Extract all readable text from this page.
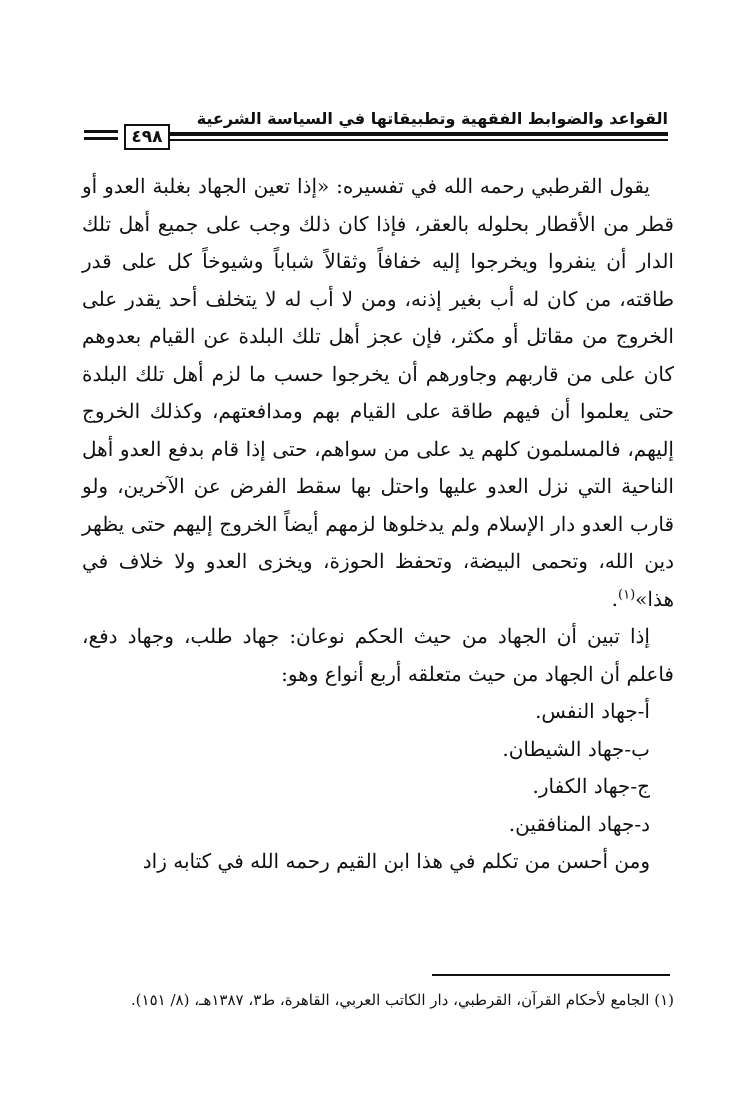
القواعد والضوابط الفقهية وتطبيقاتها في السياسة الشرعية
٤٩٨

يقول القرطبي رحمه الله في تفسيره: «إذا تعين الجهاد بغلبة العدو أو قطر من الأقطار بحلوله بالعقر، فإذا كان ذلك وجب على جميع أهل تلك الدار أن ينفروا ويخرجوا إليه خفافاً وثقالاً شباباً وشيوخاً كل على قدر طاقته، من كان له أب بغير إذنه، ومن لا أب له لا يتخلف أحد يقدر على الخروج من مقاتل أو مكثر، فإن عجز أهل تلك البلدة عن القيام بعدوهم كان على من قاربهم وجاورهم أن يخرجوا حسب ما لزم أهل تلك البلدة حتى يعلموا أن فيهم طاقة على القيام بهم ومدافعتهم، وكذلك الخروج إليهم، فالمسلمون كلهم يد على من سواهم، حتى إذا قام بدفع العدو أهل الناحية التي نزل العدو عليها واحتل بها سقط الفرض عن الآخرين، ولو قارب العدو دار الإسلام ولم يدخلوها لزمهم أيضاً الخروج إليهم حتى يظهر دين الله، وتحمى البيضة، وتحفظ الحوزة، ويخزى العدو ولا خلاف في هذا»$^{(١)}$.

إذا تبين أن الجهاد من حيث الحكم نوعان: جهاد طلب، وجهاد دفع، فاعلم أن الجهاد من حيث متعلقه أربع أنواع وهو:

أ-جهاد النفس.
ب-جهاد الشيطان.
ج-جهاد الكفار.
د-جهاد المنافقين.

ومن أحسن من تكلم في هذا ابن القيم رحمه الله في كتابه زاد

(١) الجامع لأحكام القرآن، القرطبي، دار الكاتب العربي، القاهرة، ط٣، ١٣٨٧هـ، (٨/ ١٥١).
